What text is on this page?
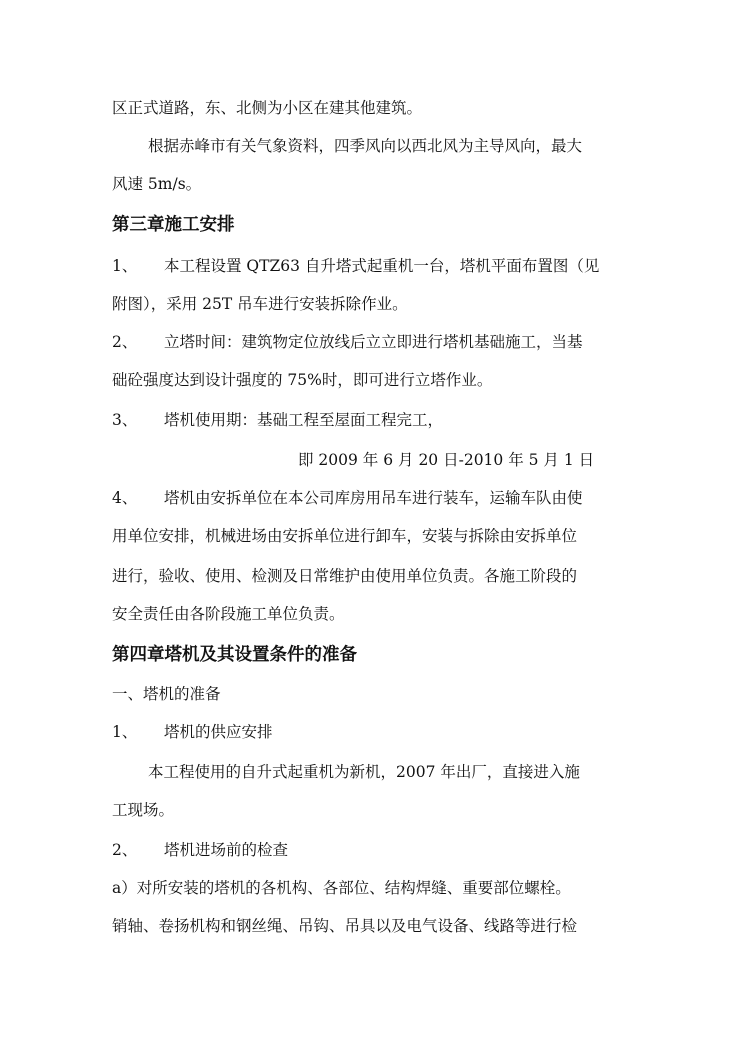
区正式道路，东、北侧为小区在建其他建筑。
根据赤峰市有关气象资料，四季风向以西北风为主导风向，最大
风速 5m/s。
第三章施工安排
1、 本工程设置 QTZ63 自升塔式起重机一台，塔机平面布置图（见
附图），采用 25T 吊车进行安装拆除作业。
2、 立塔时间：建筑物定位放线后立立即进行塔机基础施工，当基
础砼强度达到设计强度的 75%时，即可进行立塔作业。
3、 塔机使用期：基础工程至屋面工程完工，
即 2009 年 6 月 20 日-2010 年 5 月 1 日
4、 塔机由安拆单位在本公司库房用吊车进行装车，运输车队由使
用单位安排，机械进场由安拆单位进行卸车，安装与拆除由安拆单位
进行，验收、使用、检测及日常维护由使用单位负责。各施工阶段的
安全责任由各阶段施工单位负责。
第四章塔机及其设置条件的准备
一、塔机的准备
1、 塔机的供应安排
本工程使用的自升式起重机为新机，2007 年出厂，直接进入施
工现场。
2、 塔机进场前的检查
a）对所安装的塔机的各机构、各部位、结构焊缝、重要部位螺栓。
销轴、卷扬机构和钢丝绳、吊钩、吊具以及电气设备、线路等进行检
